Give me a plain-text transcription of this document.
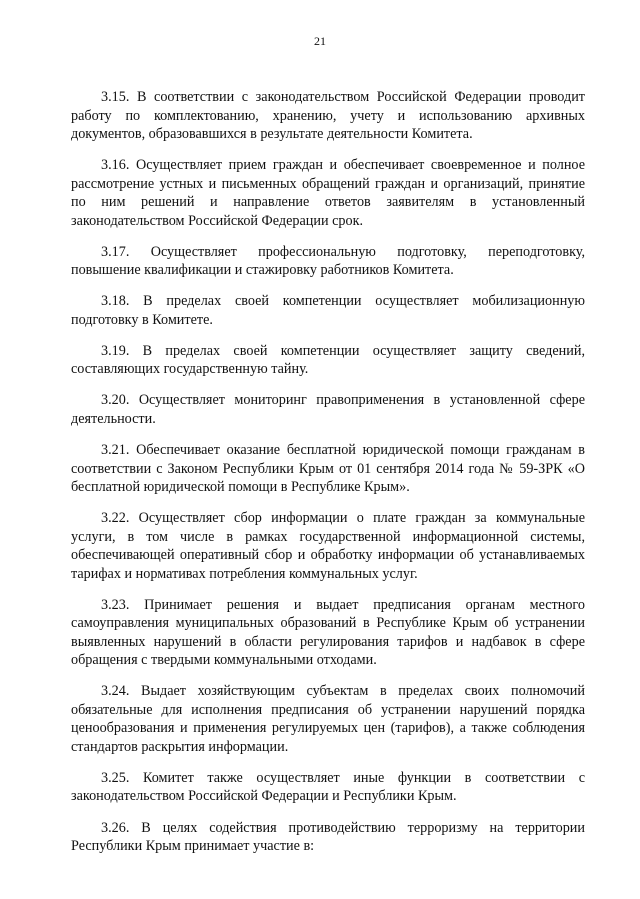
21

3.15. В соответствии с законодательством Российской Федерации проводит работу по комплектованию, хранению, учету и использованию архивных документов, образовавшихся в результате деятельности Комитета.

3.16. Осуществляет прием граждан и обеспечивает своевременное и полное рассмотрение устных и письменных обращений граждан и организаций, принятие по ним решений и направление ответов заявителям в установленный законодательством Российской Федерации срок.

3.17. Осуществляет профессиональную подготовку, переподготовку, повышение квалификации и стажировку работников Комитета.

3.18. В пределах своей компетенции осуществляет мобилизационную подготовку в Комитете.

3.19. В пределах своей компетенции осуществляет защиту сведений, составляющих государственную тайну.

3.20. Осуществляет мониторинг правоприменения в установленной сфере деятельности.

3.21. Обеспечивает оказание бесплатной юридической помощи гражданам в соответствии с Законом Республики Крым от 01 сентября 2014 года № 59-ЗРК «О бесплатной юридической помощи в Республике Крым».

3.22. Осуществляет сбор информации о плате граждан за коммунальные услуги, в том числе в рамках государственной информационной системы, обеспечивающей оперативный сбор и обработку информации об устанавливаемых тарифах и нормативах потребления коммунальных услуг.

3.23. Принимает решения и выдает предписания органам местного самоуправления муниципальных образований в Республике Крым об устранении выявленных нарушений в области регулирования тарифов и надбавок в сфере обращения с твердыми коммунальными отходами.

3.24. Выдает хозяйствующим субъектам в пределах своих полномочий обязательные для исполнения предписания об устранении нарушений порядка ценообразования и применения регулируемых цен (тарифов), а также соблюдения стандартов раскрытия информации.

3.25. Комитет также осуществляет иные функции в соответствии с законодательством Российской Федерации и Республики Крым.

3.26. В целях содействия противодействию терроризму на территории Республики Крым принимает участие в:
